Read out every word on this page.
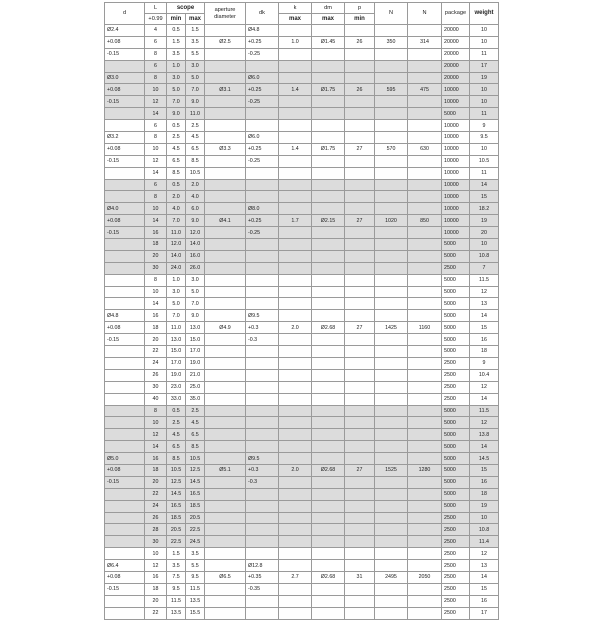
d	L	scope		aperture diameter	dk	k	dm	p	N	N	package	weight
	+0.99	min	max			max	max	min				
Ø2.4	4	0.5	1.5		Ø4.8						20000	10
+0.08	6	1.5	3.5	Ø2.5	+0.25	1.0	Ø1.45	26	350	314	20000	10
-0.15	8	3.5	5.5		-0.25						20000	11
	6	1.0	3.0								20000	17
Ø3.0	8	3.0	5.0		Ø6.0						20000	19
+0.08	10	5.0	7.0	Ø3.1	+0.25	1.4	Ø1.75	26	595	475	10000	10
-0.15	12	7.0	9.0		-0.25						10000	10
	14	9.0	11.0								5000	11
	6	0.5	2.5								10000	9
Ø3.2	8	2.5	4.5		Ø6.0						10000	9.5
+0.08	10	4.5	6.5	Ø3.3	+0.25	1.4	Ø1.75	27	570	630	10000	10
-0.15	12	6.5	8.5		-0.25						10000	10.5
	14	8.5	10.5								10000	11
	6	0.5	2.0								10000	14
	8	2.0	4.0								10000	15
Ø4.0	10	4.0	6.0		Ø8.0						10000	18.2
+0.08	14	7.0	9.0	Ø4.1	+0.25	1.7	Ø2.15	27	1020	850	10000	19
-0.15	16	11.0	12.0		-0.25						10000	20
	18	12.0	14.0								5000	10
	20	14.0	16.0								5000	10.8
	30	24.0	26.0								2500	7
	8	1.0	3.0								5000	11.5
	10	3.0	5.0								5000	12
	14	5.0	7.0								5000	13
Ø4.8	16	7.0	9.0		Ø9.5						5000	14
+0.08	18	11.0	13.0	Ø4.9	+0.3	2.0	Ø2.68	27	1425	1160	5000	15
-0.15	20	13.0	15.0		-0.3						5000	16
	22	15.0	17.0								5000	18
	24	17.0	19.0								2500	9
	26	19.0	21.0								2500	10.4
	30	23.0	25.0								2500	12
	40	33.0	35.0								2500	14
	8	0.5	2.5								5000	11.5
	10	2.5	4.5								5000	12
	12	4.5	6.5								5000	13.8
	14	6.5	8.5								5000	14
Ø5.0	16	8.5	10.5		Ø9.5						5000	14.5
+0.08	18	10.5	12.5	Ø5.1	+0.3	2.0	Ø2.68	27	1525	1280	5000	15
-0.15	20	12.5	14.5		-0.3						5000	16
	22	14.5	16.5								5000	18
	24	16.5	18.5								5000	19
	26	18.5	20.5								2500	10
	28	20.5	22.5								2500	10.8
	30	22.5	24.5								2500	11.4
	10	1.5	3.5								2500	12
Ø6.4	12	3.5	5.5		Ø12.8						2500	13
+0.08	16	7.5	9.5	Ø6.5	+0.35	2.7	Ø2.68	31	2495	2050	2500	14
-0.15	18	9.5	11.5		-0.35						2500	15
	20	11.5	13.5								2500	16
	22	13.5	15.5								2500	17
